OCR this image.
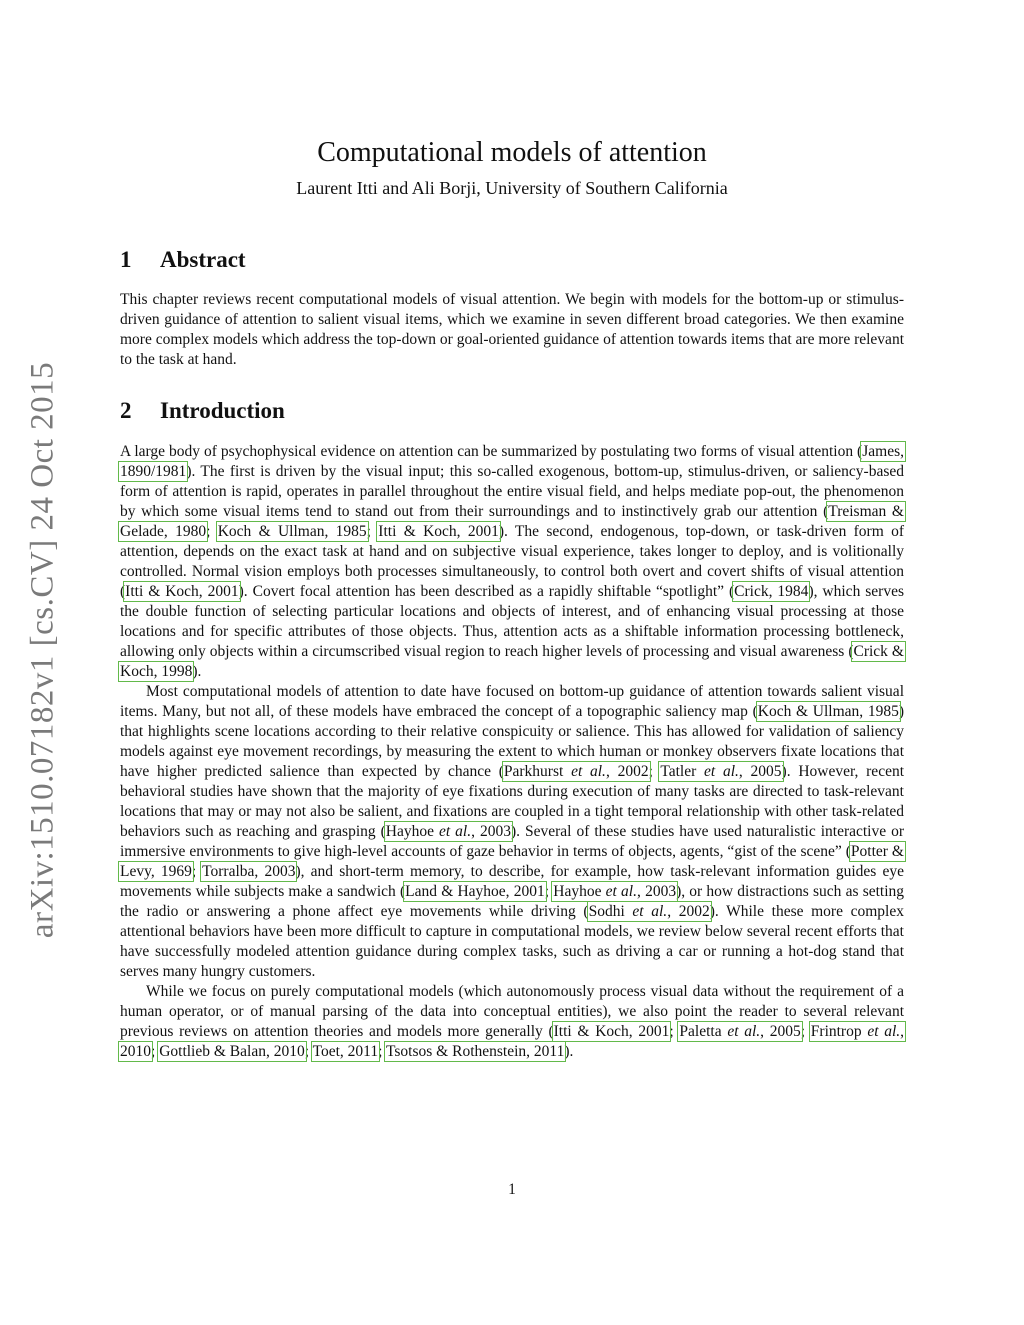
arXiv:1510.07182v1 [cs.CV] 24 Oct 2015
Computational models of attention
Laurent Itti and Ali Borji, University of Southern California
1 Abstract

This chapter reviews recent computational models of visual attention. We begin with models for the bottom-up or stimulus-driven guidance of attention to salient visual items, which we examine in seven different broad categories. We then examine more complex models which address the top-down or goal-oriented guidance of attention towards items that are more relevant to the task at hand.

2 Introduction

A large body of psychophysical evidence on attention can be summarized by postulating two forms of visual attention (James, 1890/1981). The first is driven by the visual input; this so-called exogenous, bottom-up, stimulus-driven, or saliency-based form of attention is rapid, operates in parallel throughout the entire visual field, and helps mediate pop-out, the phenomenon by which some visual items tend to stand out from their surroundings and to instinctively grab our attention (Treisman & Gelade, 1980; Koch & Ullman, 1985; Itti & Koch, 2001). The second, endogenous, top-down, or task-driven form of attention, depends on the exact task at hand and on subjective visual experience, takes longer to deploy, and is volitionally controlled. Normal vision employs both processes simultaneously, to control both overt and covert shifts of visual attention (Itti & Koch, 2001). Covert focal attention has been described as a rapidly shiftable “spotlight” (Crick, 1984), which serves the double function of selecting particular locations and objects of interest, and of enhancing visual processing at those locations and for specific attributes of those objects. Thus, attention acts as a shiftable information processing bottleneck, allowing only objects within a circumscribed visual region to reach higher levels of processing and visual awareness (Crick & Koch, 1998).

Most computational models of attention to date have focused on bottom-up guidance of attention towards salient visual items. Many, but not all, of these models have embraced the concept of a topographic saliency map (Koch & Ullman, 1985) that highlights scene locations according to their relative conspicuity or salience. This has allowed for validation of saliency models against eye movement recordings, by measuring the extent to which human or monkey observers fixate locations that have higher predicted salience than expected by chance (Parkhurst et al., 2002; Tatler et al., 2005). However, recent behavioral studies have shown that the majority of eye fixations during execution of many tasks are directed to task-relevant locations that may or may not also be salient, and fixations are coupled in a tight temporal relationship with other task-related behaviors such as reaching and grasping (Hayhoe et al., 2003). Several of these studies have used naturalistic interactive or immersive environments to give high-level accounts of gaze behavior in terms of objects, agents, “gist of the scene” (Potter & Levy, 1969; Torralba, 2003), and short-term memory, to describe, for example, how task-relevant information guides eye movements while subjects make a sandwich (Land & Hayhoe, 2001; Hayhoe et al., 2003), or how distractions such as setting the radio or answering a phone affect eye movements while driving (Sodhi et al., 2002). While these more complex attentional behaviors have been more difficult to capture in computational models, we review below several recent efforts that have successfully modeled attention guidance during complex tasks, such as driving a car or running a hot-dog stand that serves many hungry customers.

While we focus on purely computational models (which autonomously process visual data without the requirement of a human operator, or of manual parsing of the data into conceptual entities), we also point the reader to several relevant previous reviews on attention theories and models more generally (Itti & Koch, 2001; Paletta et al., 2005; Frintrop et al., 2010; Gottlieb & Balan, 2010; Toet, 2011; Tsotsos & Rothenstein, 2011).

1
